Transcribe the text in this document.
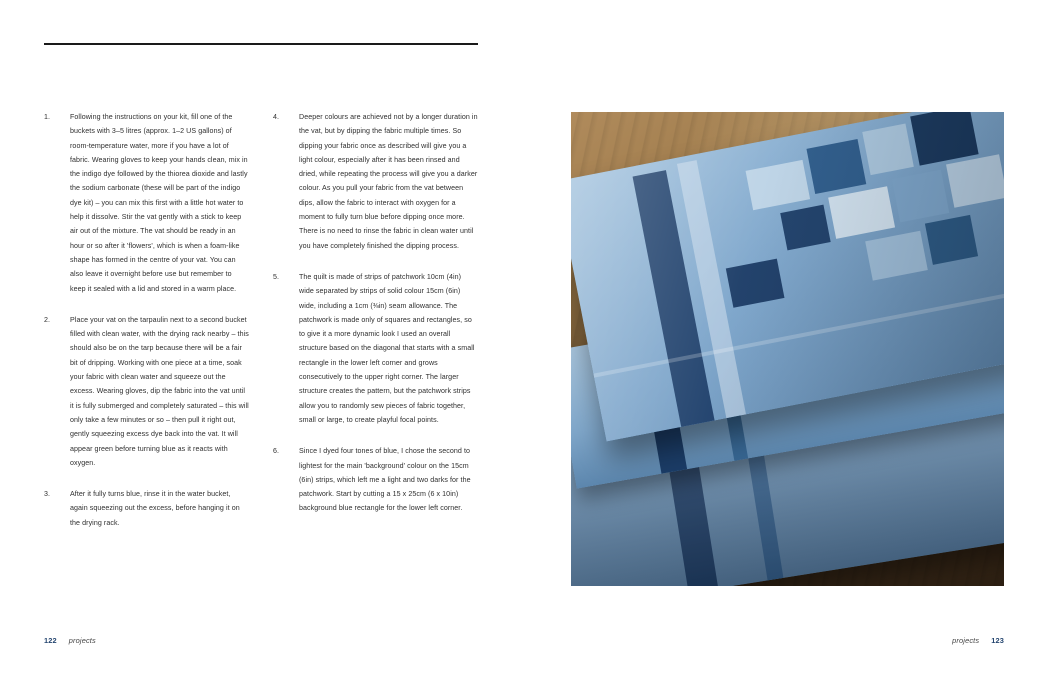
1.	Following the instructions on your kit, fill one of the buckets with 3–5 litres (approx. 1–2 US gallons) of room-temperature water, more if you have a lot of fabric. Wearing gloves to keep your hands clean, mix in the indigo dye followed by the thiorea dioxide and lastly the sodium carbonate (these will be part of the indigo dye kit) – you can mix this first with a little hot water to help it dissolve. Stir the vat gently with a stick to keep air out of the mixture. The vat should be ready in an hour or so after it 'flowers', which is when a foam-like shape has formed in the centre of your vat. You can also leave it overnight before use but remember to keep it sealed with a lid and stored in a warm place.
2.	Place your vat on the tarpaulin next to a second bucket filled with clean water, with the drying rack nearby – this should also be on the tarp because there will be a fair bit of dripping. Working with one piece at a time, soak your fabric with clean water and squeeze out the excess. Wearing gloves, dip the fabric into the vat until it is fully submerged and completely saturated – this will only take a few minutes or so – then pull it right out, gently squeezing excess dye back into the vat. It will appear green before turning blue as it reacts with oxygen.
3.	After it fully turns blue, rinse it in the water bucket, again squeezing out the excess, before hanging it on the drying rack.
4.	Deeper colours are achieved not by a longer duration in the vat, but by dipping the fabric multiple times. So dipping your fabric once as described will give you a light colour, especially after it has been rinsed and dried, while repeating the process will give you a darker colour. As you pull your fabric from the vat between dips, allow the fabric to interact with oxygen for a moment to fully turn blue before dipping once more. There is no need to rinse the fabric in clean water until you have completely finished the dipping process.
5.	The quilt is made of strips of patchwork 10cm (4in) wide separated by strips of solid colour 15cm (6in) wide, including a 1cm (⅜in) seam allowance. The patchwork is made only of squares and rectangles, so to give it a more dynamic look I used an overall structure based on the diagonal that starts with a small rectangle in the lower left corner and grows consecutively to the upper right corner. The larger structure creates the pattern, but the patchwork strips allow you to randomly sew pieces of fabric together, small or large, to create playful focal points.
6.	Since I dyed four tones of blue, I chose the second to lightest for the main 'background' colour on the 15cm (6in) strips, which left me a light and two darks for the patchwork. Start by cutting a 15 x 25cm (6 x 10in) background blue rectangle for the lower left corner.
122 projects	projects 123
